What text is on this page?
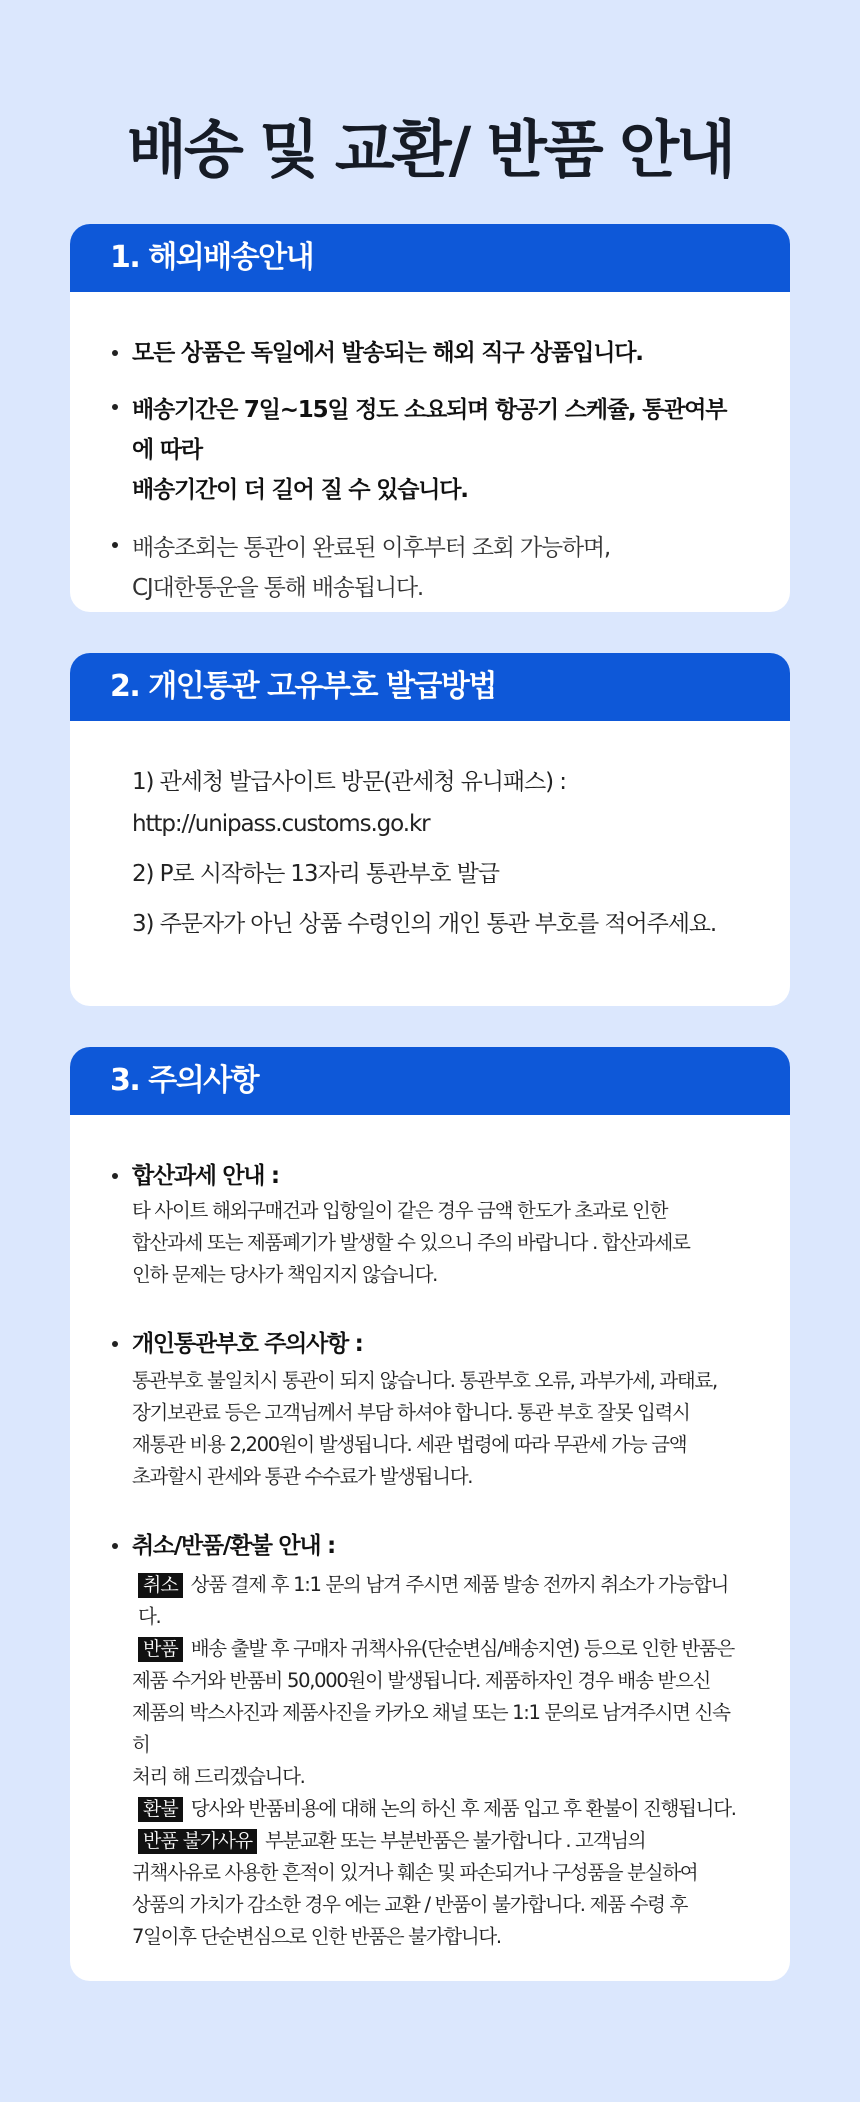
배송 및 교환/ 반품 안내
1. 해외배송안내
모든 상품은 독일에서 발송되는 해외 직구 상품입니다.
배송기간은 7일~15일 정도 소요되며 항공기 스케쥴, 통관여부에 따라
배송기간이 더 길어 질 수 있습니다.
배송조회는 통관이 완료된 이후부터 조회 가능하며,
CJ대한통운을 통해 배송됩니다.
2. 개인통관 고유부호 발급방법
1) 관세청 발급사이트 방문(관세청 유니패스) :
http://unipass.customs.go.kr
2) P로 시작하는 13자리 통관부호 발급
3) 주문자가 아닌 상품 수령인의 개인 통관 부호를 적어주세요.
3. 주의사항
합산과세 안내 :
타 사이트 해외구매건과 입항일이 같은 경우 금액 한도가 초과로 인한
합산과세 또는 제품폐기가 발생할 수 있으니 주의 바랍니다 . 합산과세로
인하 문제는 당사가 책임지지 않습니다.
개인통관부호 주의사항 :
통관부호 불일치시 통관이 되지 않습니다. 통관부호 오류, 과부가세, 과태료,
장기보관료 등은 고객님께서 부담 하셔야 합니다. 통관 부호 잘못 입력시
재통관 비용 2,200원이 발생됩니다. 세관 법령에 따라 무관세 가능 금액
초과할시 관세와 통관 수수료가 발생됩니다.
취소/반품/환불 안내 :
취소 상품 결제 후 1:1 문의 남겨 주시면 제품 발송 전까지 취소가 가능합니다.
반품 배송 출발 후 구매자 귀책사유(단순변심/배송지연) 등으로 인한 반품은
제품 수거와 반품비 50,000원이 발생됩니다. 제품하자인 경우 배송 받으신
제품의 박스사진과 제품사진을 카카오 채널 또는 1:1 문의로 남겨주시면 신속히
처리 해 드리겠습니다.
환불 당사와 반품비용에 대해 논의 하신 후 제품 입고 후 환불이 진행됩니다.
반품 불가사유 부분교환 또는 부분반품은 불가합니다 . 고객님의
귀책사유로 사용한 흔적이 있거나 훼손 및 파손되거나 구성품을 분실하여
상품의 가치가 감소한 경우 에는 교환 / 반품이 불가합니다. 제품 수령 후
7일이후 단순변심으로 인한 반품은 불가합니다.
